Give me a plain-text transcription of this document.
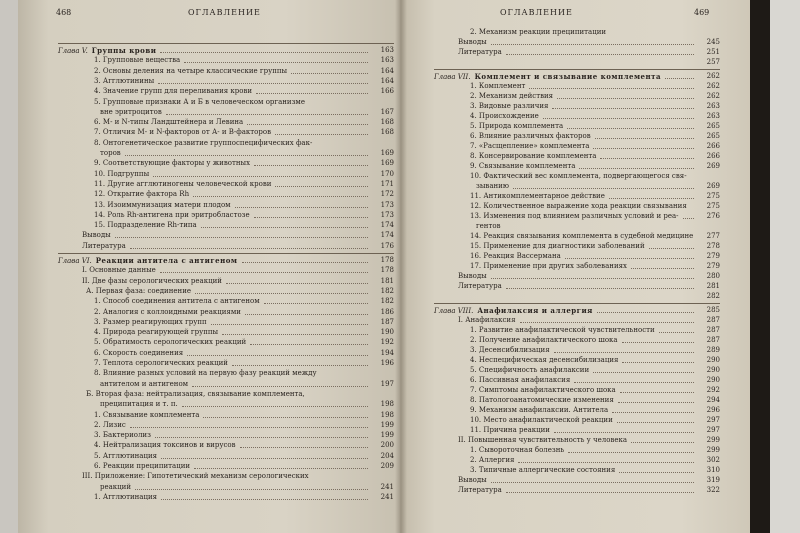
468	ОГЛАВЛЕНИЕ
Глава V. Группы крови	163
1. Групповые вещества	163
2. Основы деления на четыре классические группы	164
3. Агглютинины	164
4. Значение групп для переливания крови	166
5. Групповые признаки А и Б в человеческом организме
вне эритроцитов	167
6. М- и N-типы Ландштейнера и Левина	168
7. Отличия М- и N-факторов от А- и В-факторов	168
8. Онтогенетическое развитие группоспецифических фак-
торов	169
9. Соответствующие факторы у животных	169
10. Подгруппы	170
11. Другие агглютиногены человеческой крови	171
12. Открытие фактора Rh	172
13. Изоиммунизация матери плодом	173
14. Роль Rh-антигена при эритробластозе	173
15. Подразделение Rh-типа	174
Выводы	174
Литература	176
Глава VI. Реакции антитела с антигеном	178
I. Основные данные	178
II. Две фазы серологических реакций	181
А. Первая фаза: соединение	182
1. Способ соединения антитела с антигеном	182
2. Аналогия с коллоидными реакциями	186
3. Размер реагирующих групп	187
4. Природа реагирующей группы	190
5. Обратимость серологических реакций	192
6. Скорость соединения	194
7. Теплота серологических реакций	196
8. Влияние разных условий на первую фазу реакций между
антителом и антигеном	197
Б. Вторая фаза: нейтрализация, связывание комплемента,
преципитация и т. п.	198
1. Связывание комплемента	198
2. Лизис	199
3. Бактериолиз	199
4. Нейтрализация токсинов и вирусов	200
5. Агглютинация	204
6. Реакции преципитации	209
III. Приложение: Гипотетический механизм серологических
реакций	241
1. Агглютинация	241
ОГЛАВЛЕНИЕ	469
2. Механизм реакции преципитации
Выводы	245
Литература	251
257
Глава VII. Комплемент и связывание комплемента	262
1. Комплемент	262
2. Механизм действия	262
3. Видовые различия	263
4. Происхождение	263
5. Природа комплемента	265
6. Влияние различных факторов	265
7. «Расщепление» комплемента	266
8. Консервирование комплемента	266
9. Связывание комплемента	269
10. Фактический вес комплемента, подвергающегося свя-
зыванию	269
11. Антикомплементарное действие	275
12. Количественное выражение хода реакции связывания	275
13. Изменения под влиянием различных условий и реа-	276
гентов
14. Реакция связывания комплемента в судебной медицине	277
15. Применение для диагностики заболеваний	278
16. Реакция Вассермана	279
17. Применение при других заболеваниях	279
Выводы	280
Литература	281
282
Глава VIII. Анафилаксия и аллергия	285
I. Анафилаксия	287
1. Развитие анафилактической чувствительности	287
2. Получение анафилактического шока	287
3. Десенсибилизация	289
4. Неспецифическая десенсибилизация	290
5. Специфичность анафилаксии	290
6. Пассивная анафилаксия	290
7. Симптомы анафилактического шока	292
8. Патологоанатомические изменения	294
9. Механизм анафилаксии. Антитела	296
10. Место анафилактической реакции	297
11. Причина реакции	297
II. Повышенная чувствительность у человека	299
1. Сывороточная болезнь	299
2. Аллергия	302
3. Типичные аллергические состояния	310
Выводы	319
Литература	322
